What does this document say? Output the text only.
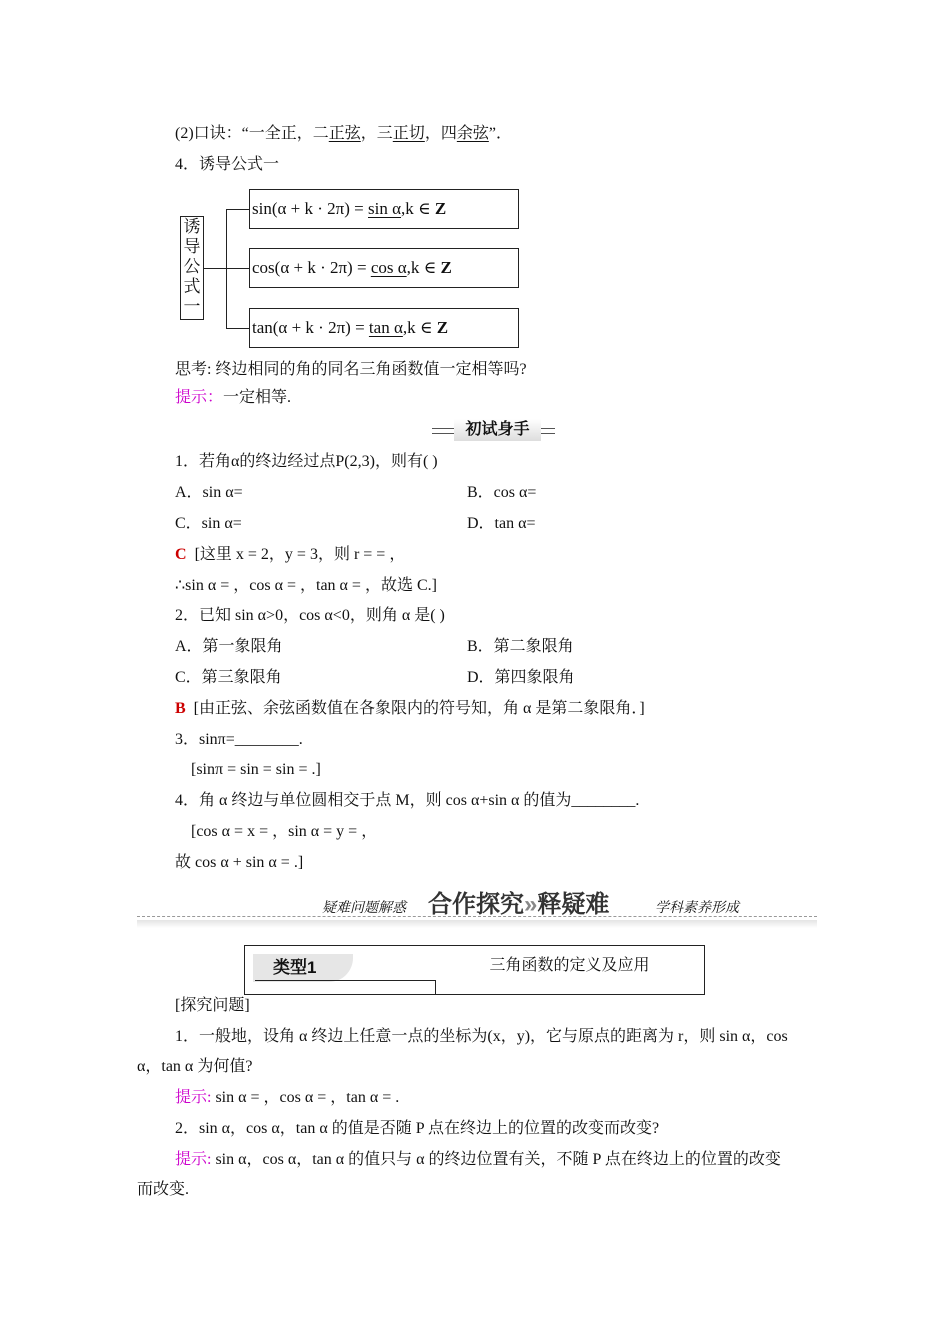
(2)口诀：“一全正，二正弦，三正切，四余弦”．
4．诱导公式一
诱
导
公
式
一
sin(α + k · 2π) = sin α,k ∈ Z
cos(α + k · 2π) = cos α,k ∈ Z
tan(α + k · 2π) = tan α,k ∈ Z
思考: 终边相同的角的同名三角函数值一定相等吗?
提示：一定相等.
初试身手
1．若角α的终边经过点P(2,3)，则有( )
A．sin α=	B．cos α=
C．sin α=	D．tan α=
C [这里 x = 2，y = 3，则 r = = ，
∴sin α = ，cos α = ，tan α = ，故选 C.]
2．已知 sin α>0，cos α<0，则角 α 是( )
A．第一象限角	B．第二象限角
C．第三象限角	D．第四象限角
B [由正弦、余弦函数值在各象限内的符号知，角 α 是第二象限角．]
3．sinπ=________.
[sinπ = sin = sin = .]
4．角 α 终边与单位圆相交于点 M，则 cos α+sin α 的值为________.
[cos α = x = ，sin α = y = ，
故 cos α + sin α = .]
疑难问题解惑 合作探究»释疑难	学科素养形成
类型1	三角函数的定义及应用
[探究问题]
1．一般地，设角 α 终边上任意一点的坐标为(x，y)，它与原点的距离为 r，则 sin α，cos
α，tan α 为何值?
提示: sin α = ，cos α = ，tan α = .
2．sin α，cos α，tan α 的值是否随 P 点在终边上的位置的改变而改变?
提示: sin α，cos α，tan α 的值只与 α 的终边位置有关，不随 P 点在终边上的位置的改变
而改变.
